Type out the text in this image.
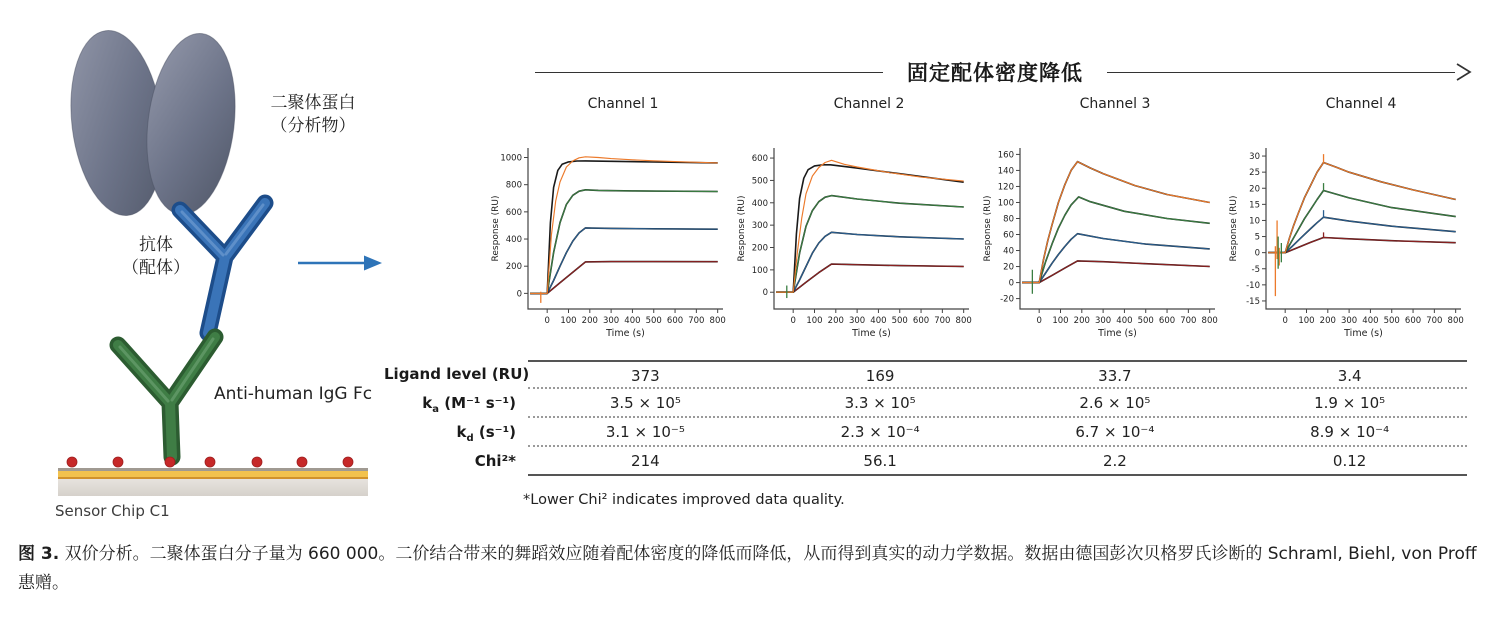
二聚体蛋白
（分析物）
抗体
（配体）
Anti-human IgG Fc
Sensor Chip C1
固定配体密度降低
Channel 1
0
200
400
600
800
1000
0 100 200 300 400 500 600 700 800
Response (RU)
Time (s)
Channel 2
0
100
200
300
400
500
600
0 100 200 300 400 500 600 700 800
Response (RU)
Time (s)
Channel 3
-20
0
20
40
60
80
100
120
140
160
0 100 200 300 400 500 600 700 800
Response (RU)
Time (s)
Channel 4
-15
-10
-5
0
5
10
15
20
25
30
0 100 200 300 400 500 600 700 800
Response (RU)
Time (s)
Ligand level (RU)	373	169	33.7	3.4
$k_a$ (M⁻¹ s⁻¹)	3.5 × 10⁵	3.3 × 10⁵	2.6 × 10⁵	1.9 × 10⁵
$k_d$ (s⁻¹)	3.1 × 10⁻⁵	2.3 × 10⁻⁴	6.7 × 10⁻⁴	8.9 × 10⁻⁴
Chi²*	214	56.1	2.2	0.12
*Lower Chi² indicates improved data quality.
图 3. 双价分析。二聚体蛋白分子量为 660 000。二价结合带来的舞蹈效应随着配体密度的降低而降低，从而得到真实的动力学数据。数据由德国彭次贝格罗氏诊断的 Schraml, Biehl, von Proff 惠赠。
